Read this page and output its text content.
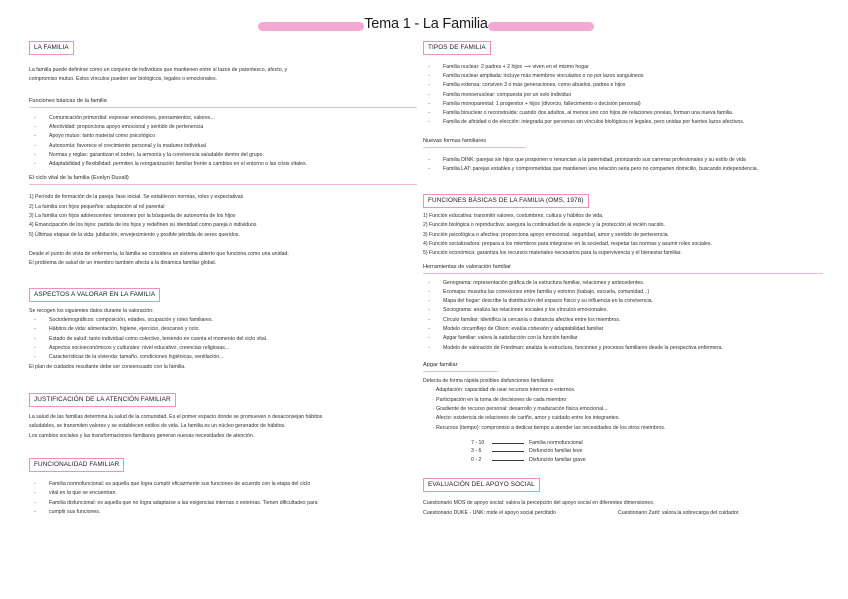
Tema 1 - La Familia
LA FAMILIA
La familia puede definirse como un conjunto de individuos que mantienen entre sí lazos de parentesco, afecto, y
compromiso mutuo. Estos vínculos pueden ser biológicos, legales o emocionales.
Funciones básicas de la familia
- Comunicación primordial: expresar emociones, pensamientos, valores...
- Afectividad: proporciona apoyo emocional y sentido de pertenencia
- Apoyo mutuo: tanto material como psicológico
- Autonomía: favorece el crecimiento personal y la madurez individual
- Normas y reglas: garantizan el orden, la armonía y la convivencia saludable dentro del grupo.
- Adaptabilidad y flexibilidad: permiten la reorganización familiar frente a cambios en el entorno o las crisis vitales.
El ciclo vital de la familia (Evelyn Duvall)
1) Período de formación de la pareja: fase inicial. Se establecen normas, roles y expectativas
2) La familia con hijos pequeños: adaptación al rol parental
3) La familia con hijos adolescentes: tensiones por la búsqueda de autonomía de los hijos
4) Emancipación de los hijos: partida de los hijos y redefinen su identidad como pareja o individuos
5) Últimas etapas de la vida: jubilación, envejecimiento y posible pérdida de seres queridos.
Desde el punto de vista de enfermería, la familia se considera un sistema abierto que funciona como una unidad.
El problema de salud de un miembro también afecta a la dinámica familiar global.
ASPECTOS A VALORAR EN LA FAMILIA
Se recogen los siguientes datos durante la valoración:
- Sociodemográficos: composición, edades, ocupación y roles familiares.
- Hábitos de vida: alimentación, higiene, ejercicio, descanso y ocio.
- Estado de salud: tanto individual como colectivo, teniendo en cuenta el momento del ciclo vital.
- Aspectos socioeconómicos y culturales: nivel educativo, creencias religiosas...
- Características de la vivienda: tamaño, condiciones higiénicas, ventilación...
El plan de cuidados resultante debe ser consensuado con la familia.
JUSTIFICACIÓN DE LA ATENCIÓN FAMILIAR
La salud de las familias determina la salud de la comunidad. Es el primer espacio donde se promueven o desaconsejan hábitos
saludables, se transmiten valores y se establecen estilos de vida. La familia es un núcleo generador de hábitos.
Los cambios sociales y las transformaciones familiares generan nuevas necesidades de atención.
FUNCIONALIDAD FAMILIAR
- Familia normofuncional: es aquella que logra cumplir eficazmente sus funciones de acuerdo con la etapa del ciclo
- vital en la que se encuentran.
- Familia disfuncional: es aquella que no logra adaptarse a las exigencias internas o externas. Tienen dificultades para
- cumplir sus funciones.
TIPOS DE FAMILIA
- Familia nuclear: 2 padres + 2 hijos ⟶ viven en el mismo hogar
- Familia nuclear ampliada: incluye más miembros vinculados o no por lazos sanguíneos
- Familia extensa: conviven 3 o más generaciones, como abuelos, padres e hijos
- Familia monoenuclear: compuesta por un solo individuo
- Familia monoparental: 1 progenitor + hijos (divorcio, fallecimiento o decisión personal)
- Familia binuclear o reconstruida: cuando dos adultos, al menos uno con hijos de relaciones previas, forman una nueva familia.
- Familia de afinidad o de elección: integrada por personas sin vínculos biológicos ni legales, pero unidas por fuertes lazos afectivos.
Nuevas formas familiares
- Familia DINK: parejas sin hijos que posponen o renuncian a la paternidad, priorizando sus carreras profesionales y su estilo de vida
- Familia LAT: parejas estables y comprometidas que mantienen una relación seria pero no comparten domicilio, buscando independencia.
FUNCIONES BÁSICAS DE LA FAMILIA (OMS, 1978)
1) Función educativa: transmitir valores, costumbres, cultura y hábitos de vida.
2) Función biológica o reproductiva: asegura la continuidad de la especie y la protección al recién nacido.
3) Función psicológica o afectiva: proporciona apoyo emocional, seguridad, amor y sentido de pertenencia.
4) Función socializadora: prepara a los miembros para integrarse en la sociedad, respetar las normas y asumir roles sociales.
5) Función económica: garantiza los recursos materiales necesarios para la supervivencia y el bienestar familiar.
Herramientas de valoración familiar
- Genograma: representación gráfica de la estructura familiar, relaciones y antecedentes.
- Ecomapa: muestra las conexiones entre familia y entorno (trabajo, escuela, comunidad...)
- Mapa del hogar: describe la distribución del espacio físico y su influencia en la convivencia.
- Sociograma: analiza las relaciones sociales y los vínculos emocionales.
- Círculo familiar: identifica la cercanía o distancia afectiva entre los miembros.
- Modelo circumflejo de Olson: evalúa cohesión y adaptabilidad familiar
- Apgar familiar: valora la satisfacción con la función familiar
- Modelo de valoración de Friedman: analiza la estructura, funciones y procesos familiares desde la perspectiva enfermera.
Apgar familiar
Detecta de forma rápida posibles disfunciones familiares:
· Adaptación: capacidad de usar recursos internos o externos.
· Participación en la toma de decisiones de cada miembro
· Gradiente de recurso personal: desarrollo y maduración física emocional...
· Afecto: existencia de relaciones de cariño, amor y cuidado entre los integrantes.
· Recursos (tiempo): compromiso a dedicar tiempo a atender las necesidades de los otros miembros.
7 - 10	Familia normofuncional
3 - 6	Disfunción familiar leve
0 - 2	Disfunción familiar grave
EVALUACIÓN DEL APOYO SOCIAL
Cuestionario MOS de apoyo social: valora la percepción del apoyo social en diferentes dimensiones.
Cuestionario DUKE - UNK: mide el apoyo social percibido	Cuestionario Zarit: valora la sobrecarga del cuidador.
